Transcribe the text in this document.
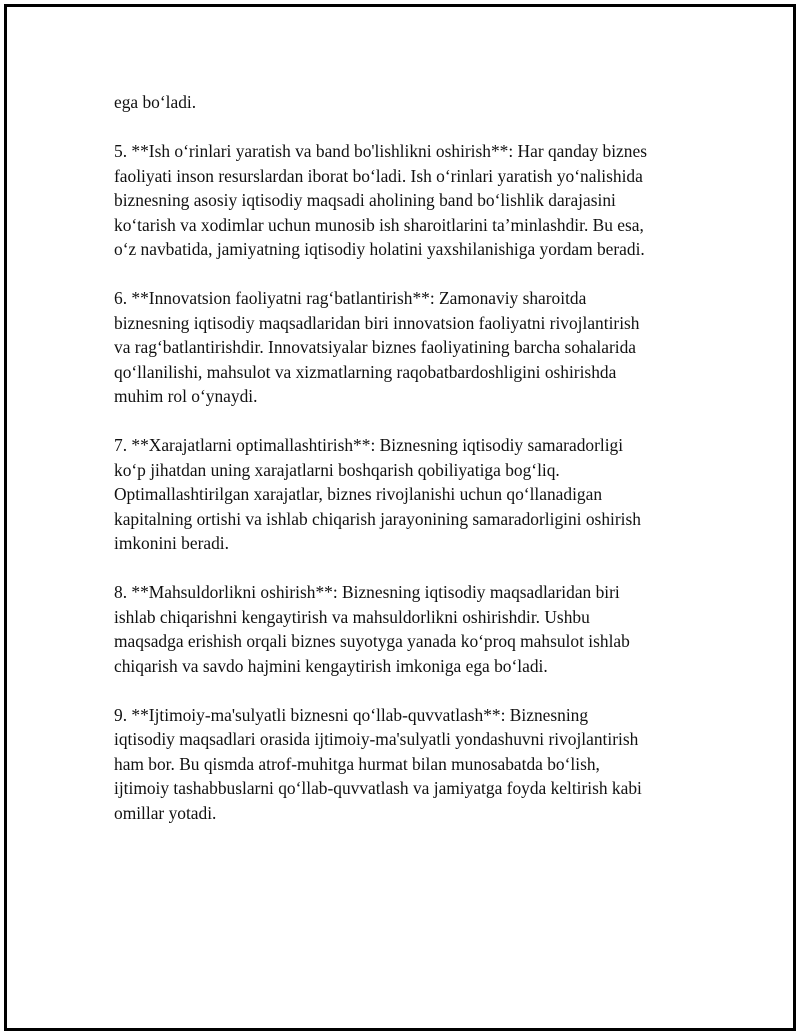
ega bo‘ladi.

5. **Ish o‘rinlari yaratish va band bo'lishlikni oshirish**: Har qanday biznes
faoliyati inson resurslardan iborat bo‘ladi. Ish o‘rinlari yaratish yo‘nalishida
biznesning asosiy iqtisodiy maqsadi aholining band bo‘lishlik darajasini
ko‘tarish va xodimlar uchun munosib ish sharoitlarini ta’minlashdir. Bu esa,
o‘z navbatida, jamiyatning iqtisodiy holatini yaxshilanishiga yordam beradi.

6. **Innovatsion faoliyatni rag‘batlantirish**: Zamonaviy sharoitda
biznesning iqtisodiy maqsadlaridan biri innovatsion faoliyatni rivojlantirish
va rag‘batlantirishdir. Innovatsiyalar biznes faoliyatining barcha sohalarida
qo‘llanilishi, mahsulot va xizmatlarning raqobatbardoshligini oshirishda
muhim rol o‘ynaydi.

7. **Xarajatlarni optimallashtirish**: Biznesning iqtisodiy samaradorligi
ko‘p jihatdan uning xarajatlarni boshqarish qobiliyatiga bog‘liq.
Optimallashtirilgan xarajatlar, biznes rivojlanishi uchun qo‘llanadigan
kapitalning ortishi va ishlab chiqarish jarayonining samaradorligini oshirish
imkonini beradi.

8. **Mahsuldorlikni oshirish**: Biznesning iqtisodiy maqsadlaridan biri
ishlab chiqarishni kengaytirish va mahsuldorlikni oshirishdir. Ushbu
maqsadga erishish orqali biznes suyotyga yanada ko‘proq mahsulot ishlab
chiqarish va savdo hajmini kengaytirish imkoniga ega bo‘ladi.

9. **Ijtimoiy-ma'sulyatli biznesni qo‘llab-quvvatlash**: Biznesning
iqtisodiy maqsadlari orasida ijtimoiy-ma'sulyatli yondashuvni rivojlantirish
ham bor. Bu qismda atrof-muhitga hurmat bilan munosabatda bo‘lish,
ijtimoiy tashabbuslarni qo‘llab-quvvatlash va jamiyatga foyda keltirish kabi
omillar yotadi.
